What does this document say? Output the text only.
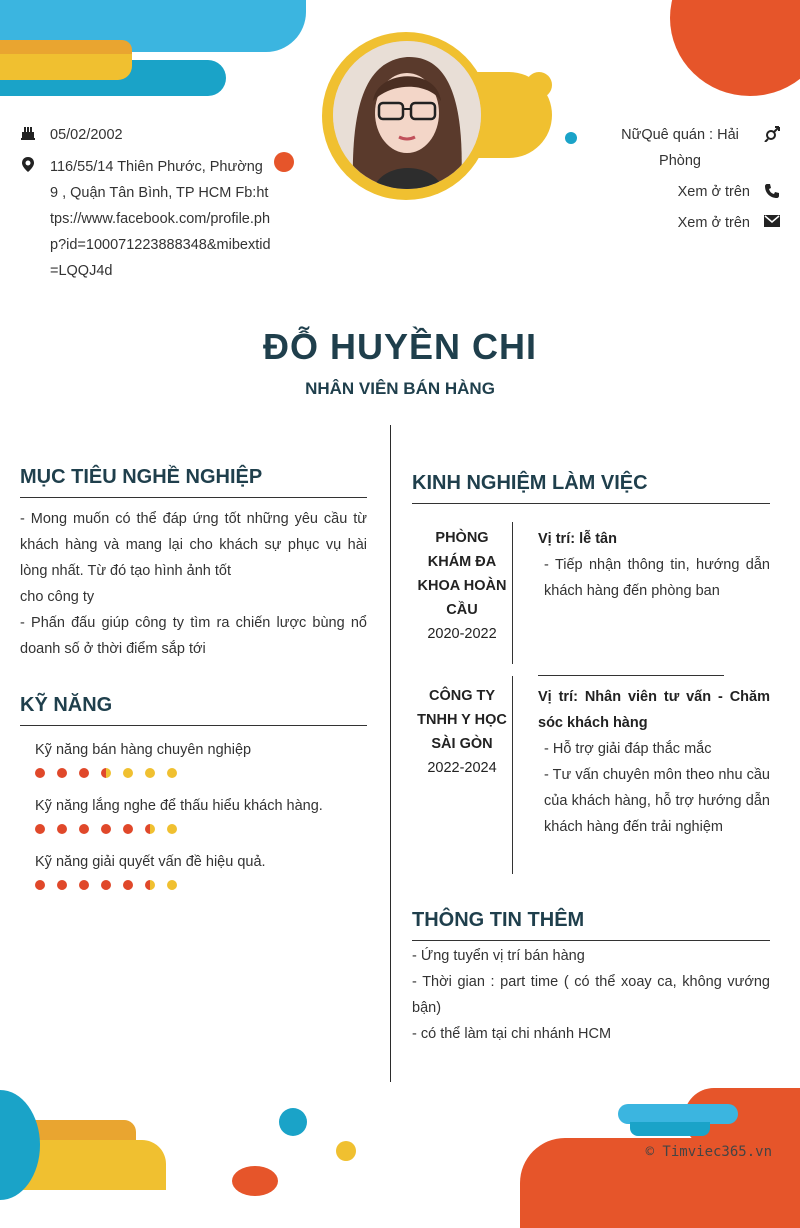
05/02/2002
116/55/14 Thiên Phước, Phường 9 , Quận Tân Bình, TP HCM Fb:https://www.facebook.com/profile.php?id=100071223888348&mibextid=LQQJ4d
NữQuê quán : Hải Phòng
Xem ở trên
Xem ở trên
ĐỖ HUYỀN CHI
NHÂN VIÊN BÁN HÀNG
MỤC TIÊU NGHỀ NGHIỆP

- Mong muốn có thể đáp ứng tốt những yêu cầu từ khách hàng và mang lại cho khách sự phục vụ hài lòng nhất. Từ đó tạo hình ảnh tốt

cho công ty

- Phấn đấu giúp công ty tìm ra chiến lược bùng nổ doanh số ở thời điểm sắp tới

KỸ NĂNG
Kỹ năng bán hàng chuyên nghiệp
Kỹ năng lắng nghe để thấu hiểu khách hàng.
Kỹ năng giải quyết vấn đề hiệu quả.
KINH NGHIỆM LÀM VIỆC
PHÒNG KHÁM ĐA KHOA HOÀN CẦU
2020-2022
Vị trí: lễ tân
- Tiếp nhận thông tin, hướng dẫn khách hàng đến phòng ban
CÔNG TY TNHH Y HỌC SÀI GÒN
2022-2024
Vị trí: Nhân viên tư vấn - Chăm sóc khách hàng
- Hỗ trợ giải đáp thắc mắc
- Tư vấn chuyên môn theo nhu cầu của khách hàng, hỗ trợ hướng dẫn khách hàng đến trải nghiệm
THÔNG TIN THÊM

- Ứng tuyển vị trí bán hàng

- Thời gian : part time ( có thể xoay ca, không vướng bận)

- có thể làm tại chi nhánh HCM

© Timviec365.vn
